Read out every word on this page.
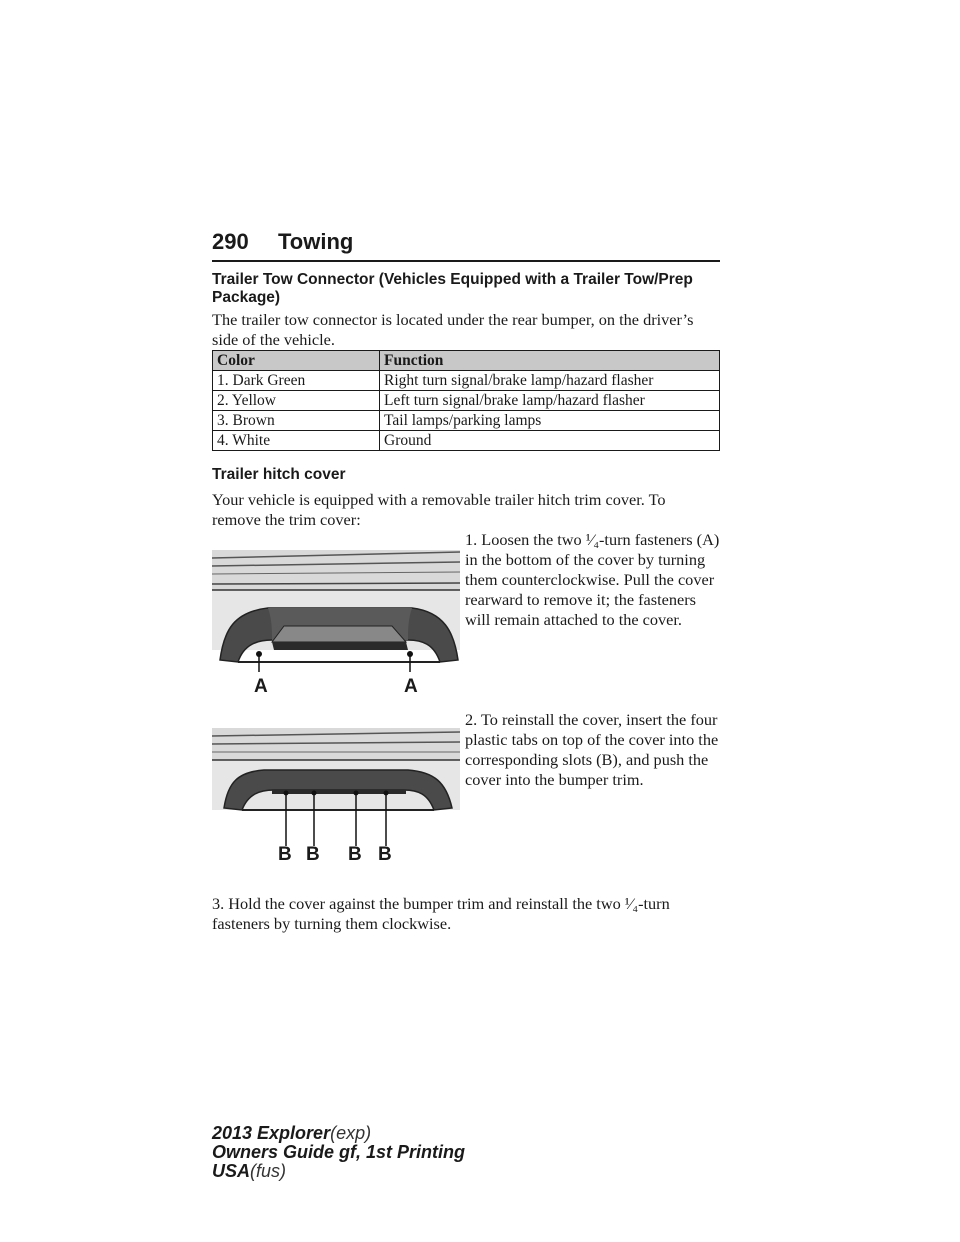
290 Towing
Trailer Tow Connector (Vehicles Equipped with a Trailer Tow/Prep Package)
The trailer tow connector is located under the rear bumper, on the driver’s side of the vehicle.
Color	Function
1. Dark Green	Right turn signal/brake lamp/hazard flasher
2. Yellow	Left turn signal/brake lamp/hazard flasher
3. Brown	Tail lamps/parking lamps
4. White	Ground
Trailer hitch cover
Your vehicle is equipped with a removable trailer hitch trim cover. To remove the trim cover:
1. Loosen the two ¹⁄₄-turn fasteners (A) in the bottom of the cover by turning them counterclockwise. Pull the cover rearward to remove it; the fasteners will remain attached to the cover.
2. To reinstall the cover, insert the four plastic tabs on top of the cover into the corresponding slots (B), and push the cover into the bumper trim.
3. Hold the cover against the bumper trim and reinstall the two ¹⁄₄-turn fasteners by turning them clockwise.
A	A
B B B B
2013 Explorer(exp)
Owners Guide gf, 1st Printing
USA(fus)
